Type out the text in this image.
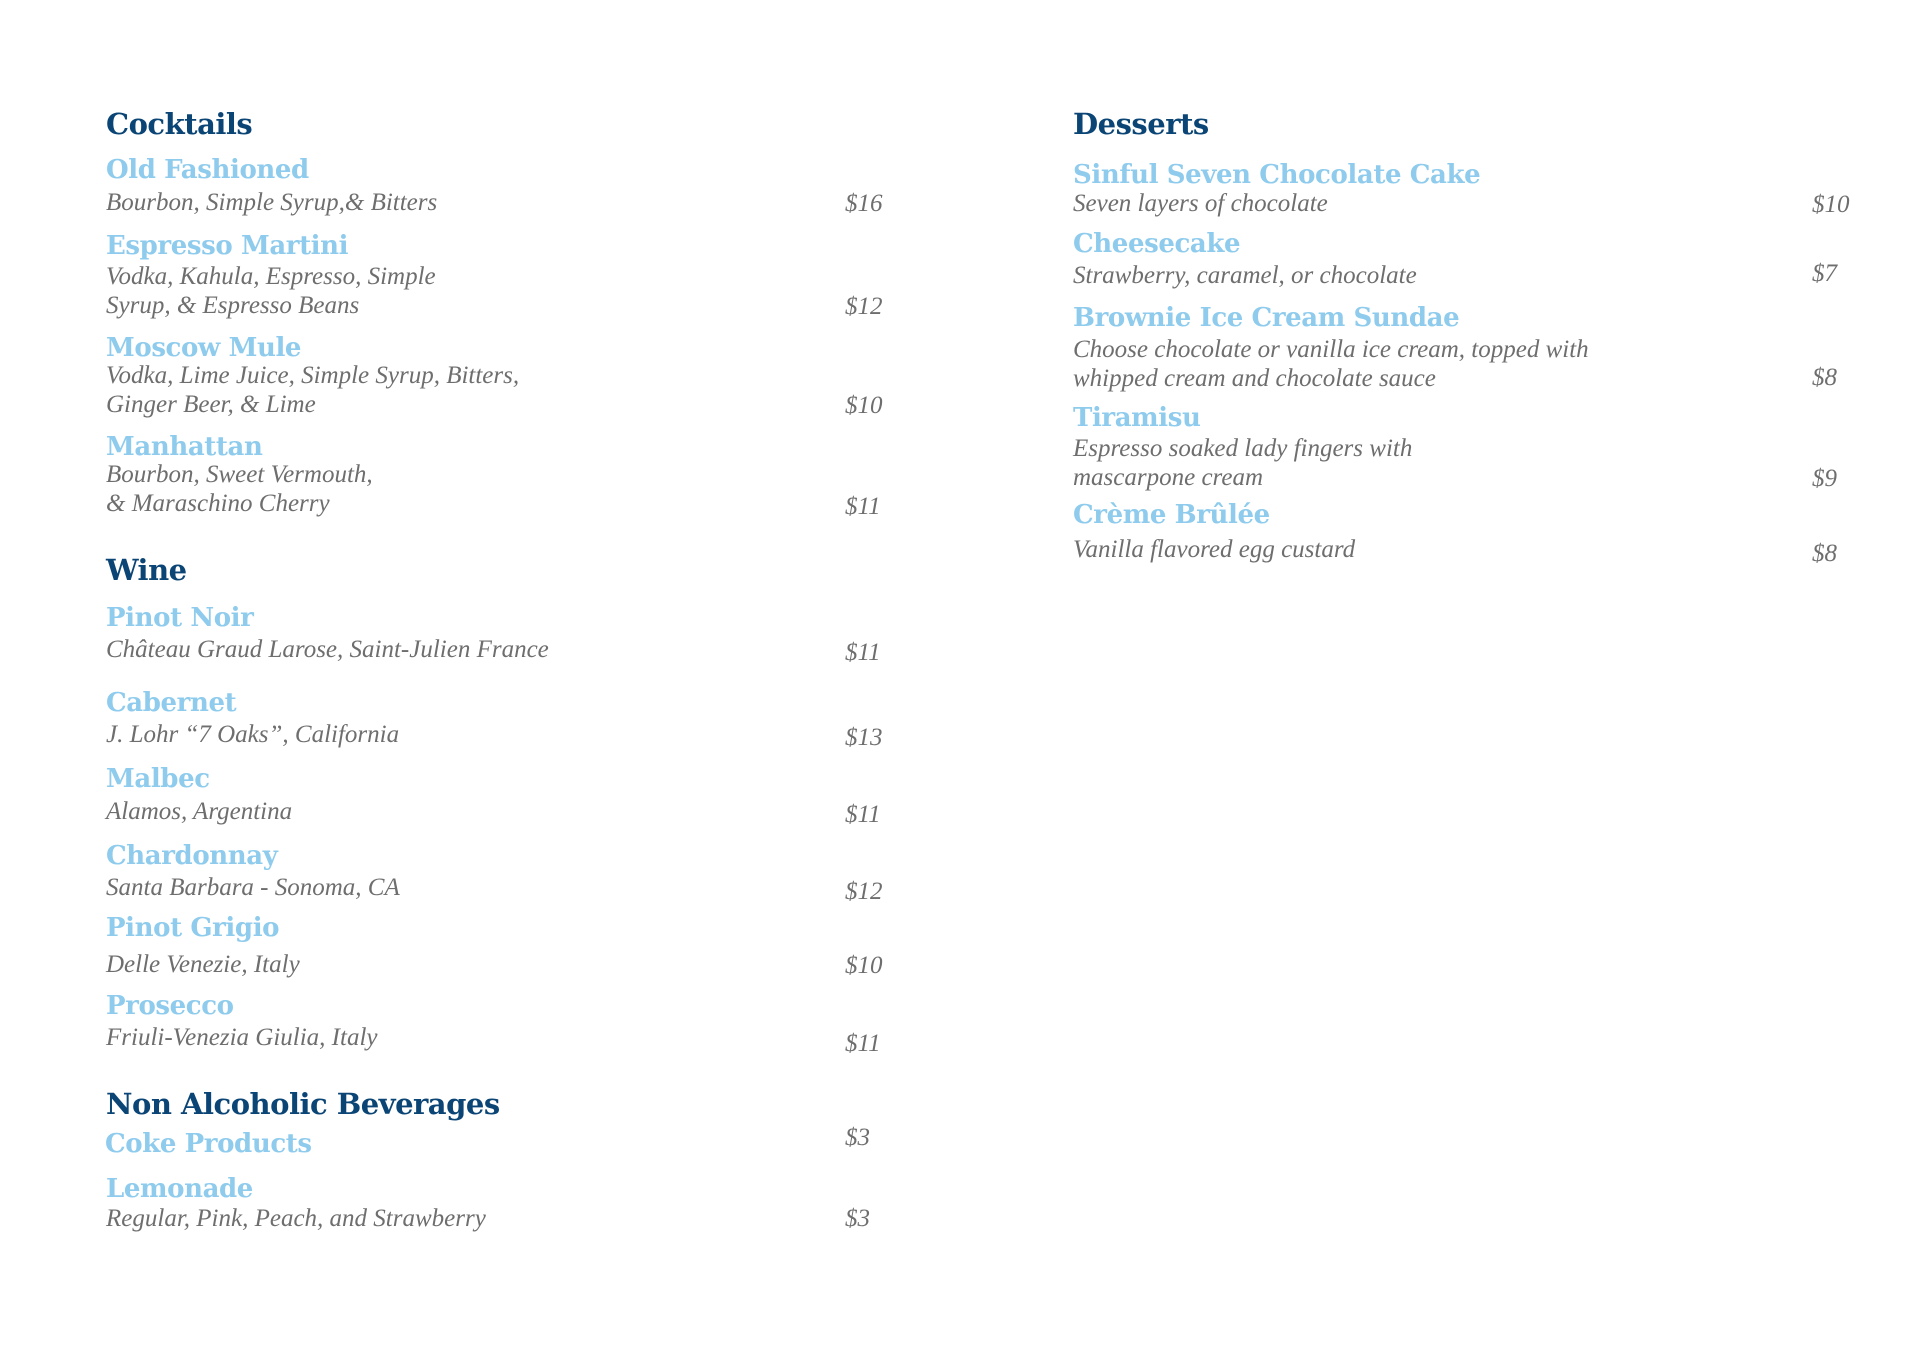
Cocktails
Old Fashioned
Bourbon, Simple Syrup,& Bitters	$16
Espresso Martini
Vodka, Kahula, Espresso, Simple
Syrup, & Espresso Beans	$12
Moscow Mule
Vodka, Lime Juice, Simple Syrup, Bitters,
Ginger Beer, & Lime	$10
Manhattan
Bourbon, Sweet Vermouth,
& Maraschino Cherry	$11
Wine
Pinot Noir
Château Graud Larose, Saint-Julien France	$11
Cabernet
J. Lohr “7 Oaks”, California	$13
Malbec
Alamos, Argentina	$11
Chardonnay
Santa Barbara - Sonoma, CA	$12
Pinot Grigio
Delle Venezie, Italy	$10
Prosecco
Friuli-Venezia Giulia, Italy	$11
Non Alcoholic Beverages
Coke Products	$3
Lemonade
Regular, Pink, Peach, and Strawberry	$3
Desserts
Sinful Seven Chocolate Cake
Seven layers of chocolate	$10
Cheesecake
Strawberry, caramel, or chocolate	$7
Brownie Ice Cream Sundae
Choose chocolate or vanilla ice cream, topped with
whipped cream and chocolate sauce	$8
Tiramisu
Espresso soaked lady fingers with
mascarpone cream	$9
Crème Brûlée
Vanilla flavored egg custard	$8
